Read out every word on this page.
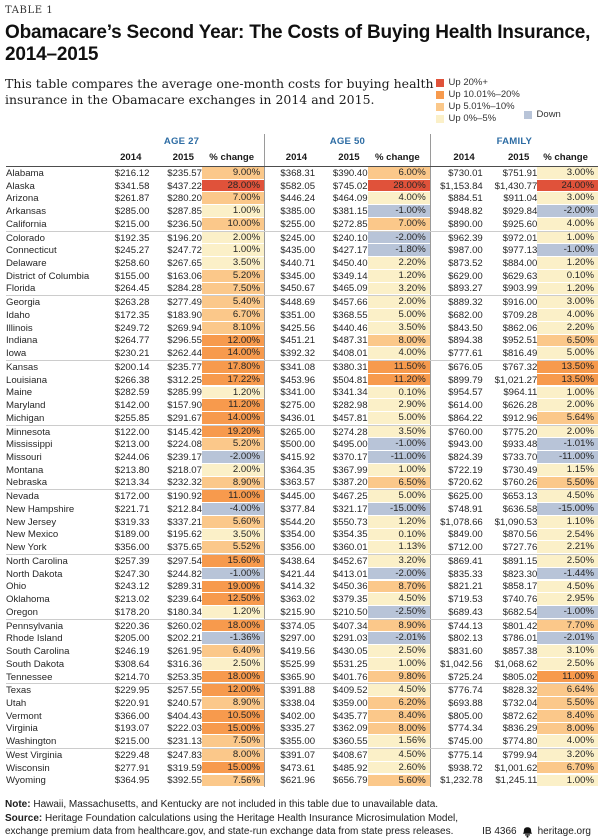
TABLE 1
Obamacare’s Second Year: The Costs of Buying Health Insurance, 2014–2015

This table compares the average one-month costs for buying health insurance in the Obamacare exchanges in 2014 and 2015.

Up 20%+
Up 10.01%–20%
Up 5.01%–10%
Up 0%–5%	Down
	AGE 27			AGE 50			FAMILY		
	2014	2015	% change	2014	2015	% change	2014	2015	% change
Alabama	$216.12	$235.57	9.00%	$368.31	$390.40	6.00%	$730.01	$751.91	3.00%

Alaska	$341.58	$437.22	28.00%	$582.05	$745.02	28.00%	$1,153.84	$1,430.77	24.00%

Arizona	$261.87	$280.20	7.00%	$446.24	$464.09	4.00%	$884.51	$911.04	3.00%

Arkansas	$285.00	$287.85	1.00%	$385.00	$381.15	-1.00%	$948.82	$929.84	-2.00%

California	$215.00	$236.50	10.00%	$255.00	$272.85	7.00%	$890.00	$925.60	4.00%

Colorado	$192.35	$196.20	2.00%	$245.00	$240.10	-2.00%	$962.39	$972.01	1.00%

Connecticut	$245.27	$247.72	1.00%	$435.00	$427.17	-1.80%	$987.00	$977.13	-1.00%

Delaware	$258.60	$267.65	3.50%	$440.71	$450.40	2.20%	$873.52	$884.00	1.20%

District of Columbia	$155.00	$163.06	5.20%	$345.00	$349.14	1.20%	$629.00	$629.63	0.10%

Florida	$264.45	$284.28	7.50%	$450.67	$465.09	3.20%	$893.27	$903.99	1.20%

Georgia	$263.28	$277.49	5.40%	$448.69	$457.66	2.00%	$889.32	$916.00	3.00%

Idaho	$172.35	$183.90	6.70%	$351.00	$368.55	5.00%	$682.00	$709.28	4.00%

Illinois	$249.72	$269.94	8.10%	$425.56	$440.46	3.50%	$843.50	$862.06	2.20%

Indiana	$264.77	$296.55	12.00%	$451.21	$487.31	8.00%	$894.38	$952.51	6.50%

Iowa	$230.21	$262.44	14.00%	$392.32	$408.01	4.00%	$777.61	$816.49	5.00%

Kansas	$200.14	$235.77	17.80%	$341.08	$380.31	11.50%	$676.05	$767.32	13.50%

Louisiana	$266.38	$312.25	17.22%	$453.96	$504.81	11.20%	$899.79	$1,021.27	13.50%

Maine	$282.59	$285.99	1.20%	$341.00	$341.34	0.10%	$954.57	$964.11	1.00%

Maryland	$142.00	$157.90	11.20%	$275.00	$282.98	2.90%	$614.00	$626.28	2.00%

Michigan	$255.85	$291.67	14.00%	$436.01	$457.81	5.00%	$864.22	$912.96	5.64%

Minnesota	$122.00	$145.42	19.20%	$265.00	$274.28	3.50%	$760.00	$775.20	2.00%

Mississippi	$213.00	$224.08	5.20%	$500.00	$495.00	-1.00%	$943.00	$933.48	-1.01%

Missouri	$244.06	$239.17	-2.00%	$415.92	$370.17	-11.00%	$824.39	$733.70	-11.00%

Montana	$213.80	$218.07	2.00%	$364.35	$367.99	1.00%	$722.19	$730.49	1.15%

Nebraska	$213.34	$232.32	8.90%	$363.57	$387.20	6.50%	$720.62	$760.26	5.50%

Nevada	$172.00	$190.92	11.00%	$445.00	$467.25	5.00%	$625.00	$653.13	4.50%

New Hampshire	$221.71	$212.84	-4.00%	$377.84	$321.17	-15.00%	$748.91	$636.58	-15.00%

New Jersey	$319.33	$337.21	5.60%	$544.20	$550.73	1.20%	$1,078.66	$1,090.53	1.10%

New Mexico	$189.00	$195.62	3.50%	$354.00	$354.35	0.10%	$849.00	$870.56	2.54%

New York	$356.00	$375.65	5.52%	$356.00	$360.01	1.13%	$712.00	$727.76	2.21%

North Carolina	$257.39	$297.54	15.60%	$438.64	$452.67	3.20%	$869.41	$891.15	2.50%

North Dakota	$247.30	$244.82	-1.00%	$421.44	$413.01	-2.00%	$835.33	$823.30	-1.44%

Ohio	$243.12	$289.31	19.00%	$414.32	$450.36	8.70%	$821.21	$858.17	4.50%

Oklahoma	$213.02	$239.64	12.50%	$363.02	$379.35	4.50%	$719.53	$740.76	2.95%

Oregon	$178.20	$180.34	1.20%	$215.90	$210.50	-2.50%	$689.43	$682.54	-1.00%

Pennsylvania	$220.36	$260.02	18.00%	$374.05	$407.34	8.90%	$744.13	$801.42	7.70%

Rhode Island	$205.00	$202.21	-1.36%	$297.00	$291.03	-2.01%	$802.13	$786.01	-2.01%

South Carolina	$246.19	$261.95	6.40%	$419.56	$430.05	2.50%	$831.60	$857.38	3.10%

South Dakota	$308.64	$316.36	2.50%	$525.99	$531.25	1.00%	$1,042.56	$1,068.62	2.50%

Tennessee	$214.70	$253.35	18.00%	$365.90	$401.76	9.80%	$725.24	$805.02	11.00%

Texas	$229.95	$257.55	12.00%	$391.88	$409.52	4.50%	$776.74	$828.32	6.64%

Utah	$220.91	$240.57	8.90%	$338.04	$359.00	6.20%	$693.88	$732.04	5.50%

Vermont	$366.00	$404.43	10.50%	$402.00	$435.77	8.40%	$805.00	$872.62	8.40%

Virginia	$193.07	$222.03	15.00%	$335.27	$362.09	8.00%	$774.34	$836.29	8.00%

Washington	$215.00	$231.13	7.50%	$355.00	$360.55	1.56%	$745.00	$774.80	4.00%

West Virginia	$229.48	$247.83	8.00%	$391.07	$408.67	4.50%	$775.14	$799.94	3.20%

Wisconsin	$277.91	$319.59	15.00%	$473.61	$485.92	2.60%	$938.72	$1,001.62	6.70%

Wyoming	$364.95	$392.55	7.56%	$621.96	$656.79	5.60%	$1,232.78	$1,245.11	1.00%

Note: Hawaii, Massachusetts, and Kentucky are not included in this table due to unavailable data.

Source: Heritage Foundation calculations using the Heritage Health Insurance Microsimulation Model, exchange premium data from healthcare.gov, and state-run exchange data from state press releases.	IB 4366 heritage.org
